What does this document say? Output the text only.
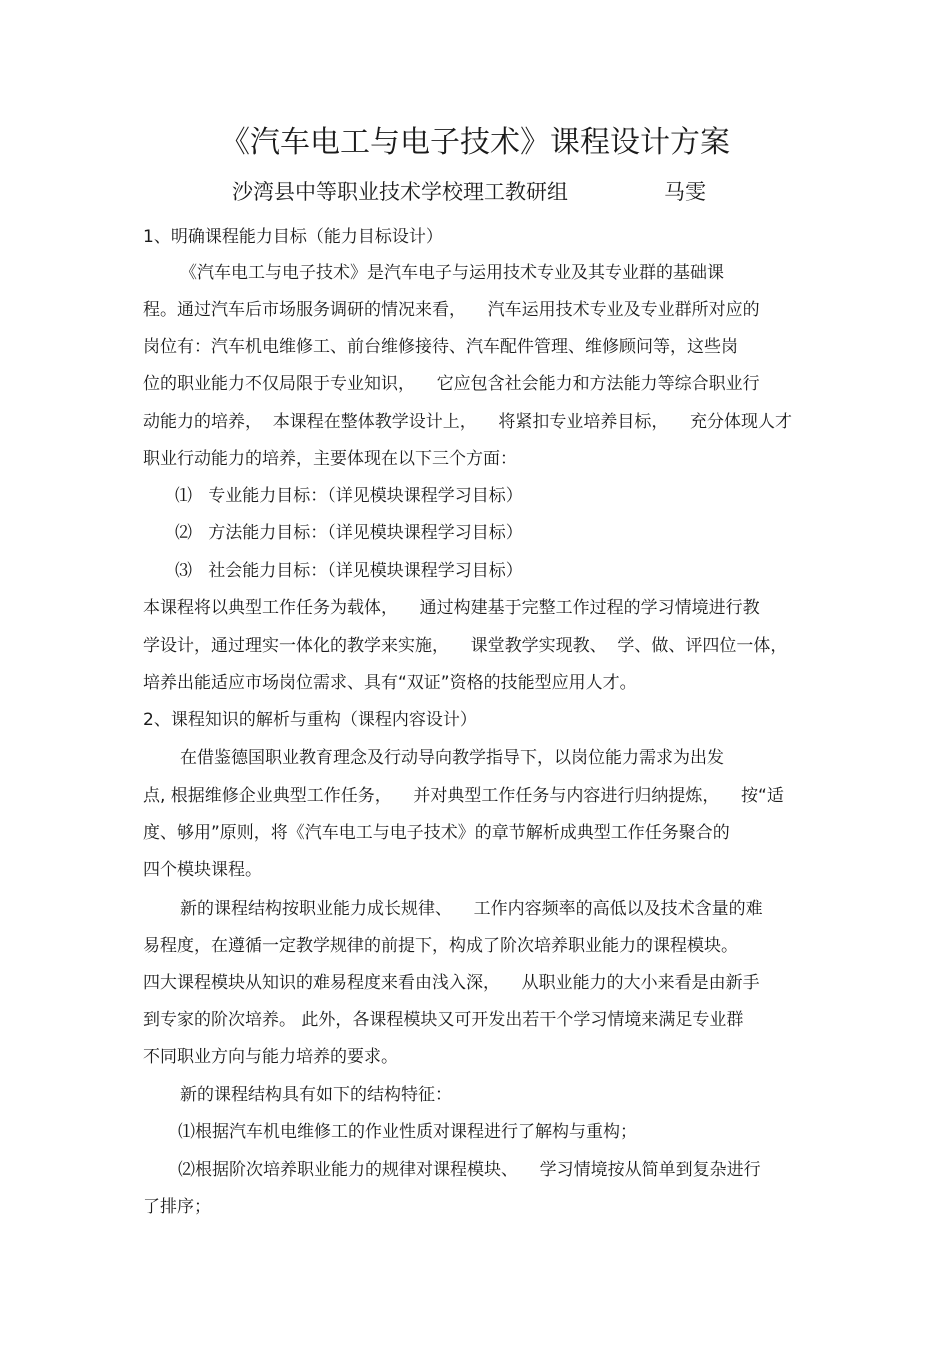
《汽车电工与电子技术》课程设计方案
沙湾县中等职业技术学校理工教研组	马雯
1、明确课程能力目标（能力目标设计）
《汽车电工与电子技术》是汽车电子与运用技术专业及其专业群的基础课
程。通过汽车后市场服务调研的情况来看，    汽车运用技术专业及专业群所对应的
岗位有：汽车机电维修工、前台维修接待、汽车配件管理、维修顾问等，这些岗
位的职业能力不仅局限于专业知识，    它应包含社会能力和方法能力等综合职业行
动能力的培养，  本课程在整体教学设计上，    将紧扣专业培养目标，    充分体现人才
职业行动能力的培养，主要体现在以下三个方面：
⑴   专业能力目标：（详见模块课程学习目标）
⑵   方法能力目标：（详见模块课程学习目标）
⑶   社会能力目标：（详见模块课程学习目标）
本课程将以典型工作任务为载体，    通过构建基于完整工作过程的学习情境进行教
学设计，通过理实一体化的教学来实施，    课堂教学实现教、  学、做、评四位一体，
培养出能适应市场岗位需求、具有“双证”资格的技能型应用人才。
2、课程知识的解析与重构（课程内容设计）
在借鉴德国职业教育理念及行动导向教学指导下，以岗位能力需求为出发
点, 根据维修企业典型工作任务，    并对典型工作任务与内容进行归纳提炼，    按“适
度、够用”原则，将《汽车电工与电子技术》的章节解析成典型工作任务聚合的
四个模块课程。
新的课程结构按职业能力成长规律、    工作内容频率的高低以及技术含量的难
易程度，在遵循一定教学规律的前提下，构成了阶次培养职业能力的课程模块。
四大课程模块从知识的难易程度来看由浅入深，    从职业能力的大小来看是由新手
到专家的阶次培养。 此外，各课程模块又可开发出若干个学习情境来满足专业群
不同职业方向与能力培养的要求。
新的课程结构具有如下的结构特征：
⑴根据汽车机电维修工的作业性质对课程进行了解构与重构；
⑵根据阶次培养职业能力的规律对课程模块、    学习情境按从简单到复杂进行
了排序；
